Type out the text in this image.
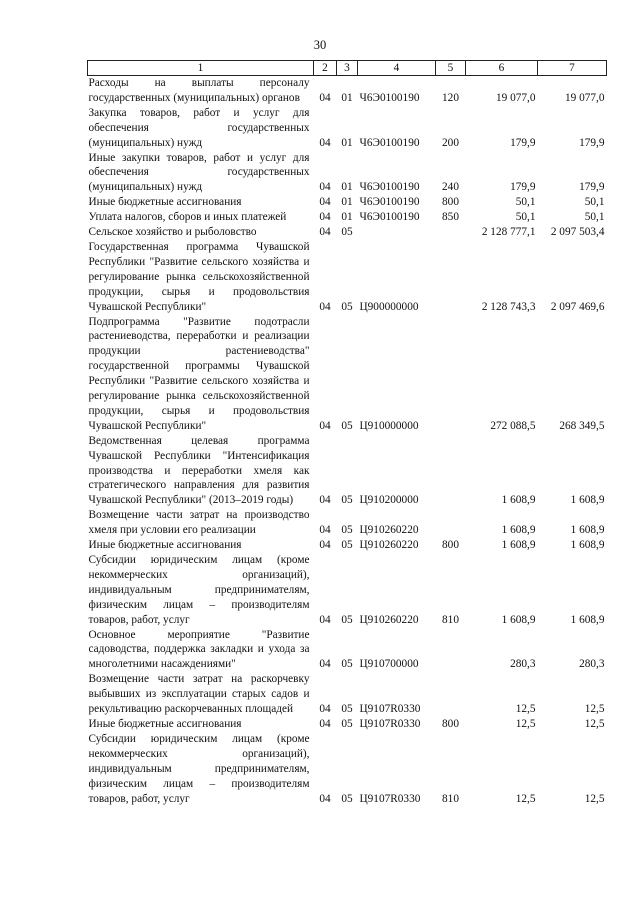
30
1	2	3	4	5	6	7
Расходы на выплаты персоналу государственных (муниципальных) органов	04	01	Ч6Э0100190	120	19 077,0	19 077,0
Закупка товаров, работ и услуг для обеспечения государственных (муниципальных) нужд	04	01	Ч6Э0100190	200	179,9	179,9
Иные закупки товаров, работ и услуг для обеспечения государственных (муниципальных) нужд	04	01	Ч6Э0100190	240	179,9	179,9
Иные бюджетные ассигнования	04	01	Ч6Э0100190	800	50,1	50,1
Уплата налогов, сборов и иных платежей	04	01	Ч6Э0100190	850	50,1	50,1
Сельское хозяйство и рыболовство	04	05			2 128 777,1	2 097 503,4
Государственная программа Чувашской Республики "Развитие сельского хозяйства и регулирование рынка сельскохозяйственной продукции, сырья и продовольствия Чувашской Республики"	04	05	Ц900000000		2 128 743,3	2 097 469,6
Подпрограмма "Развитие подотрасли растениеводства, переработки и реализации продукции растениеводства" государственной программы Чувашской Республики "Развитие сельского хозяйства и регулирование рынка сельскохозяйственной продукции, сырья и продовольствия Чувашской Республики"	04	05	Ц910000000		272 088,5	268 349,5
Ведомственная целевая программа Чувашской Республики "Интенсификация производства и переработки хмеля как стратегического направления для развития Чувашской Республики" (2013–2019 годы)	04	05	Ц910200000		1 608,9	1 608,9
Возмещение части затрат на производство хмеля при условии его реализации	04	05	Ц910260220		1 608,9	1 608,9
Иные бюджетные ассигнования	04	05	Ц910260220	800	1 608,9	1 608,9
Субсидии юридическим лицам (кроме некоммерческих организаций), индивидуальным предпринимателям, физическим лицам – производителям товаров, работ, услуг	04	05	Ц910260220	810	1 608,9	1 608,9
Основное мероприятие "Развитие садоводства, поддержка закладки и ухода за многолетними насаждениями"	04	05	Ц910700000		280,3	280,3
Возмещение части затрат на раскорчевку выбывших из эксплуатации старых садов и рекультивацию раскорчеванных площадей	04	05	Ц9107R0330		12,5	12,5
Иные бюджетные ассигнования	04	05	Ц9107R0330	800	12,5	12,5
Субсидии юридическим лицам (кроме некоммерческих организаций), индивидуальным предпринимателям, физическим лицам – производителям товаров, работ, услуг	04	05	Ц9107R0330	810	12,5	12,5
